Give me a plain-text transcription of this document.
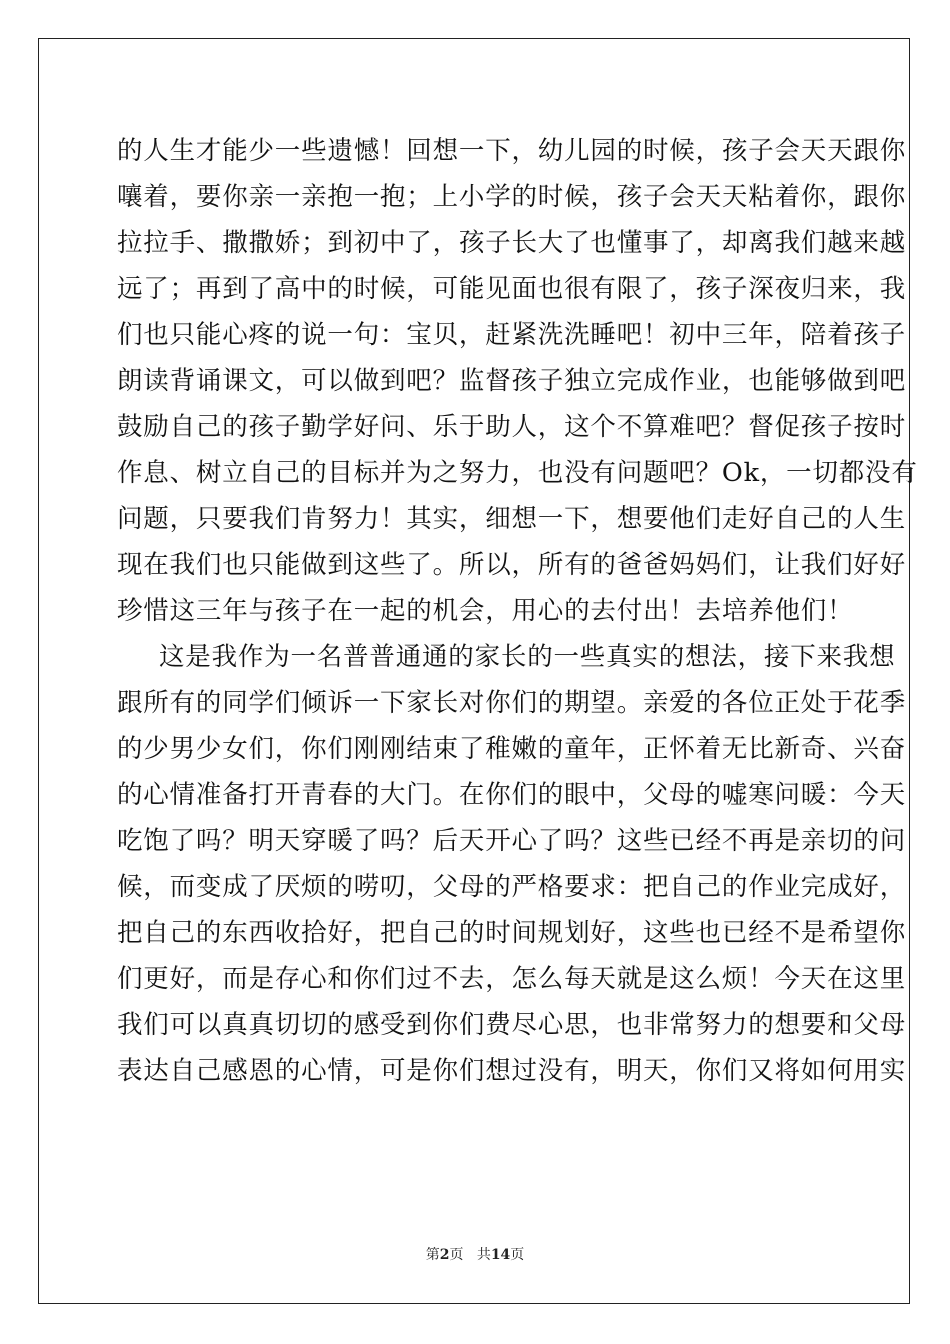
的人生才能少一些遗憾！回想一下，幼儿园的时候，孩子会天天跟你
嚷着，要你亲一亲抱一抱；上小学的时候，孩子会天天粘着你，跟你
拉拉手、撒撒娇；到初中了，孩子长大了也懂事了，却离我们越来越
远了；再到了高中的时候，可能见面也很有限了，孩子深夜归来，我
们也只能心疼的说一句：宝贝，赶紧洗洗睡吧！初中三年，陪着孩子
朗读背诵课文，可以做到吧？监督孩子独立完成作业，也能够做到吧
鼓励自己的孩子勤学好问、乐于助人，这个不算难吧？督促孩子按时
作息、树立自己的目标并为之努力，也没有问题吧？Ok，一切都没有
问题，只要我们肯努力！其实，细想一下，想要他们走好自己的人生
现在我们也只能做到这些了。所以，所有的爸爸妈妈们，让我们好好
珍惜这三年与孩子在一起的机会，用心的去付出！去培养他们！
这是我作为一名普普通通的家长的一些真实的想法，接下来我想
跟所有的同学们倾诉一下家长对你们的期望。亲爱的各位正处于花季
的少男少女们，你们刚刚结束了稚嫩的童年，正怀着无比新奇、兴奋
的心情准备打开青春的大门。在你们的眼中，父母的嘘寒问暖：今天
吃饱了吗？明天穿暖了吗？后天开心了吗？这些已经不再是亲切的问
候，而变成了厌烦的唠叨，父母的严格要求：把自己的作业完成好，
把自己的东西收拾好，把自己的时间规划好，这些也已经不是希望你
们更好，而是存心和你们过不去，怎么每天就是这么烦！今天在这里
我们可以真真切切的感受到你们费尽心思，也非常努力的想要和父母
表达自己感恩的心情，可是你们想过没有，明天，你们又将如何用实
第2页 共14页
